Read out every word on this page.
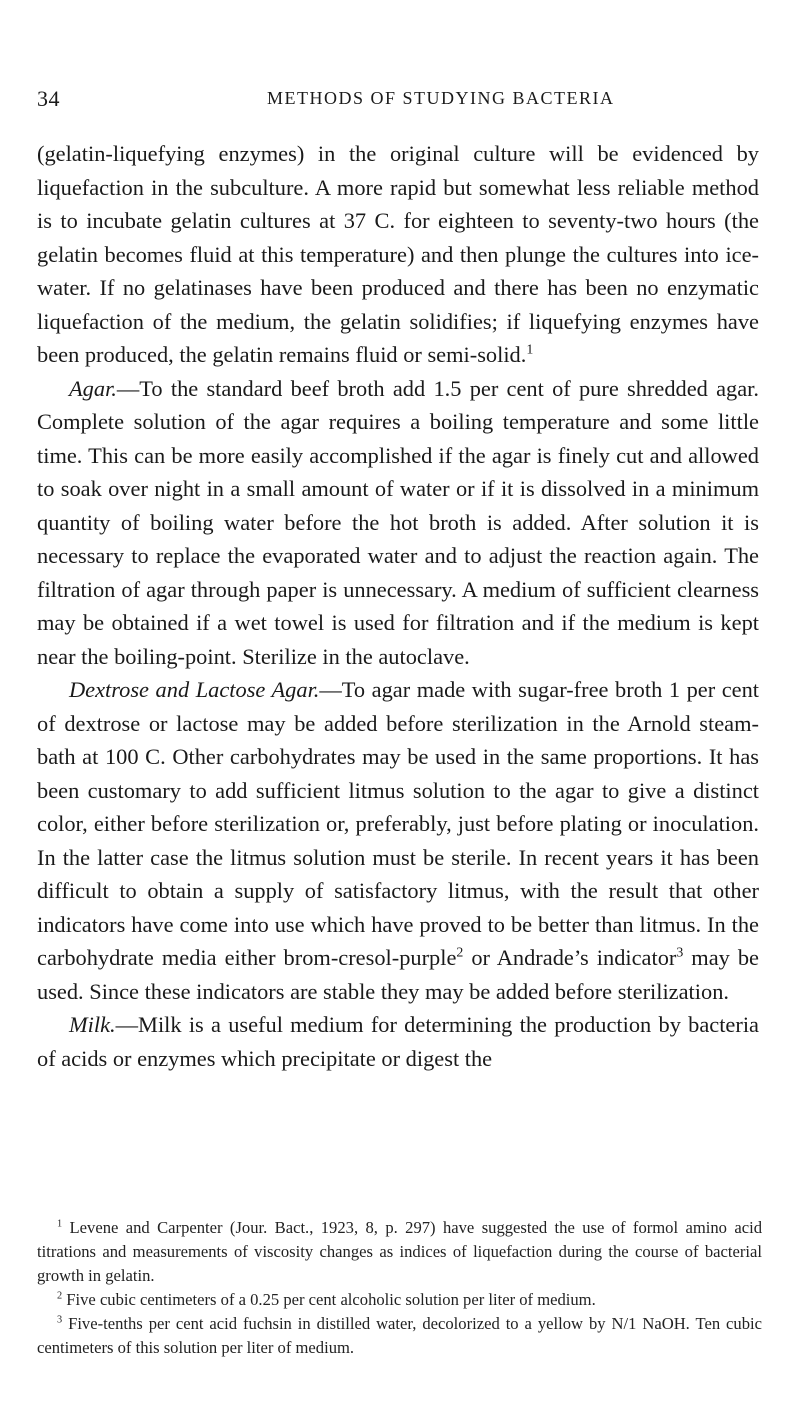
34	METHODS OF STUDYING BACTERIA

(gelatin-liquefying enzymes) in the original culture will be evidenced by liquefaction in the subculture. A more rapid but somewhat less reliable method is to incubate gelatin cultures at 37 C. for eighteen to seventy-two hours (the gelatin becomes fluid at this temperature) and then plunge the cultures into ice-water. If no gelatinases have been produced and there has been no enzymatic liquefaction of the medium, the gelatin solidifies; if liquefying enzymes have been produced, the gelatin remains fluid or semi-solid.$^1$

Agar.—To the standard beef broth add 1.5 per cent of pure shredded agar. Complete solution of the agar requires a boiling temperature and some little time. This can be more easily accomplished if the agar is finely cut and allowed to soak over night in a small amount of water or if it is dissolved in a minimum quantity of boiling water before the hot broth is added. After solution it is necessary to replace the evaporated water and to adjust the reaction again. The filtration of agar through paper is unnecessary. A medium of sufficient clearness may be obtained if a wet towel is used for filtration and if the medium is kept near the boiling-point. Sterilize in the autoclave.

Dextrose and Lactose Agar.—To agar made with sugar-free broth 1 per cent of dextrose or lactose may be added before sterilization in the Arnold steam-bath at 100 C. Other carbohydrates may be used in the same proportions. It has been customary to add sufficient litmus solution to the agar to give a distinct color, either before sterilization or, preferably, just before plating or inoculation. In the latter case the litmus solution must be sterile. In recent years it has been difficult to obtain a supply of satisfactory litmus, with the result that other indicators have come into use which have proved to be better than litmus. In the carbohydrate media either brom-cresol-purple$^2$ or Andrade’s indicator$^3$ may be used. Since these indicators are stable they may be added before sterilization.

Milk.—Milk is a useful medium for determining the production by bacteria of acids or enzymes which precipitate or digest the

$^1$ Levene and Carpenter (Jour. Bact., 1923, 8, p. 297) have suggested the use of formol amino acid titrations and measurements of viscosity changes as indices of liquefaction during the course of bacterial growth in gelatin.

$^2$ Five cubic centimeters of a 0.25 per cent alcoholic solution per liter of medium.

$^3$ Five-tenths per cent acid fuchsin in distilled water, decolorized to a yellow by N/1 NaOH. Ten cubic centimeters of this solution per liter of medium.
